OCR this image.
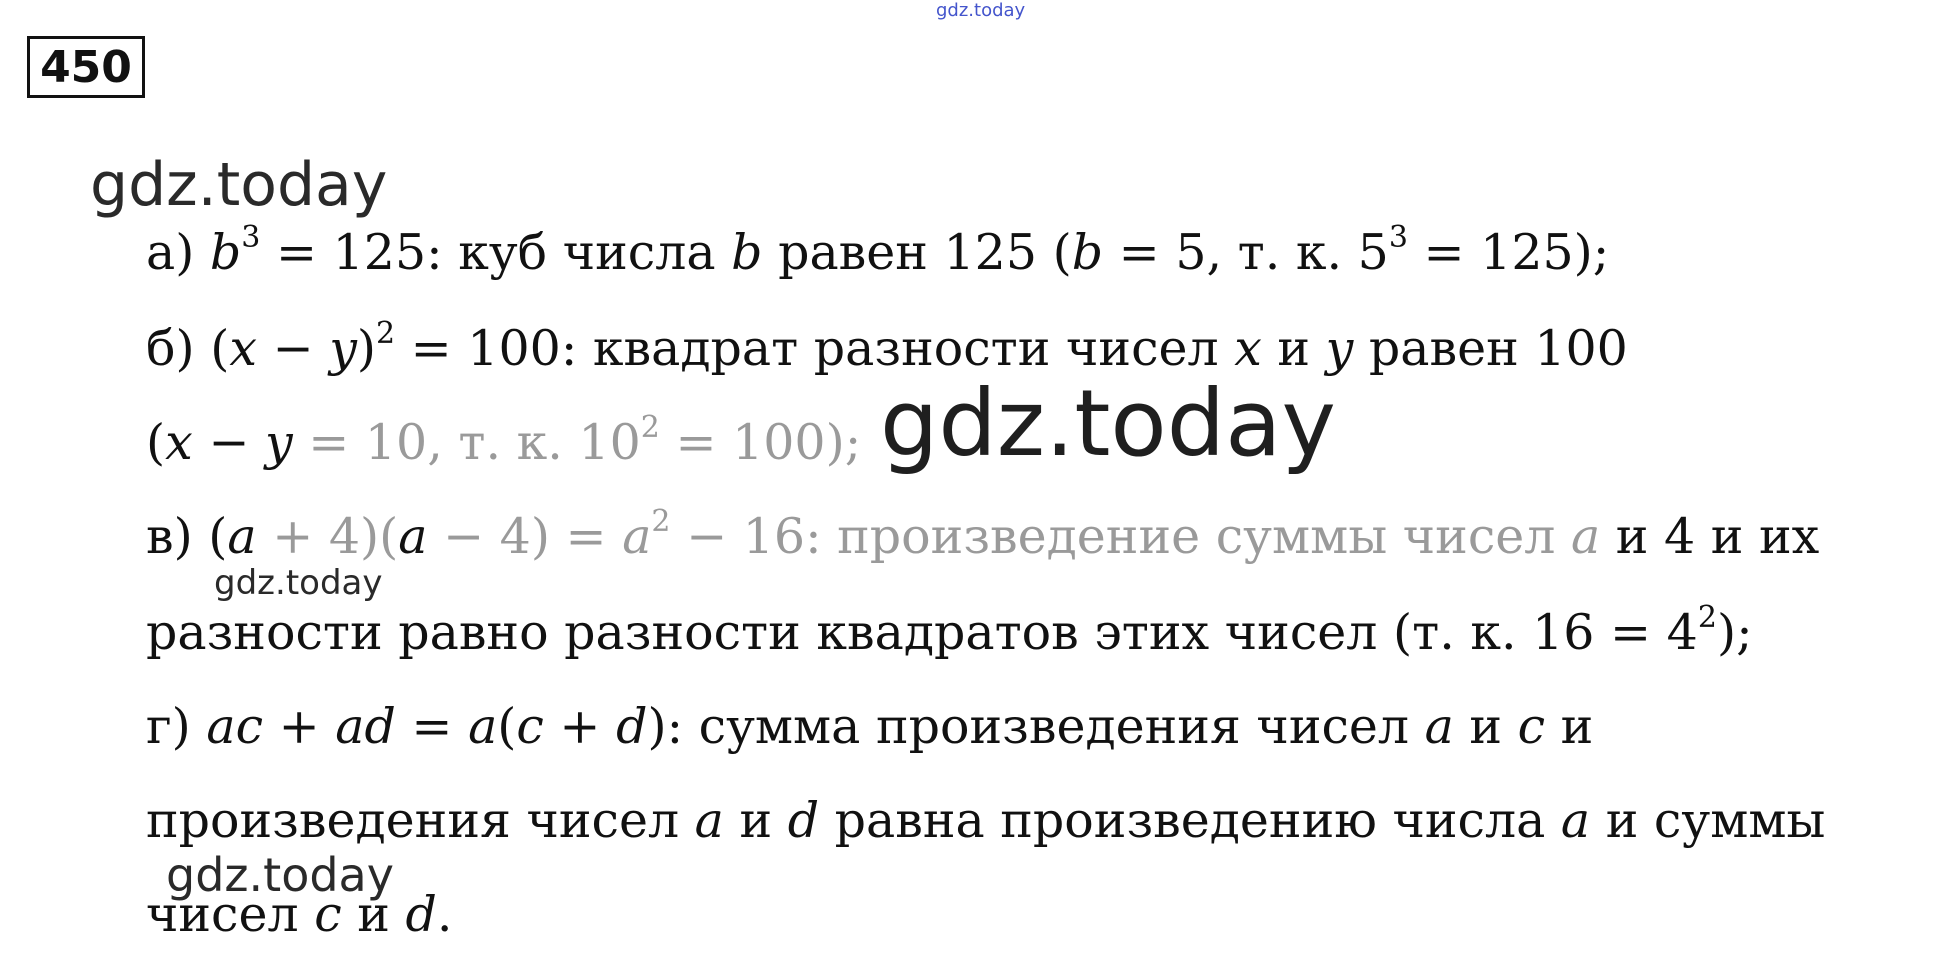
gdz.today
gdz.today
450
а) $b^3 = 125$: куб числа b равен 125 (b = 5, т. к. $5^3 = 125$);
б) $(x - y)^2 = 100$: квадрат разности чисел x и y равен 100
(x − y = 10, т. к. $10^2 = 100$);
в) $(a + 4)(a - 4) = a^2 - 16$: произведение суммы чисел a и 4 и их
разности равно разности квадратов этих чисел (т. к. $16 = 4^2$);
г) ac + ad = a(c + d): сумма произведения чисел a и c и
произведения чисел a и d равна произведению числа a и суммы
чисел c и d.
gdz.today
gdz.today
gdz.today
